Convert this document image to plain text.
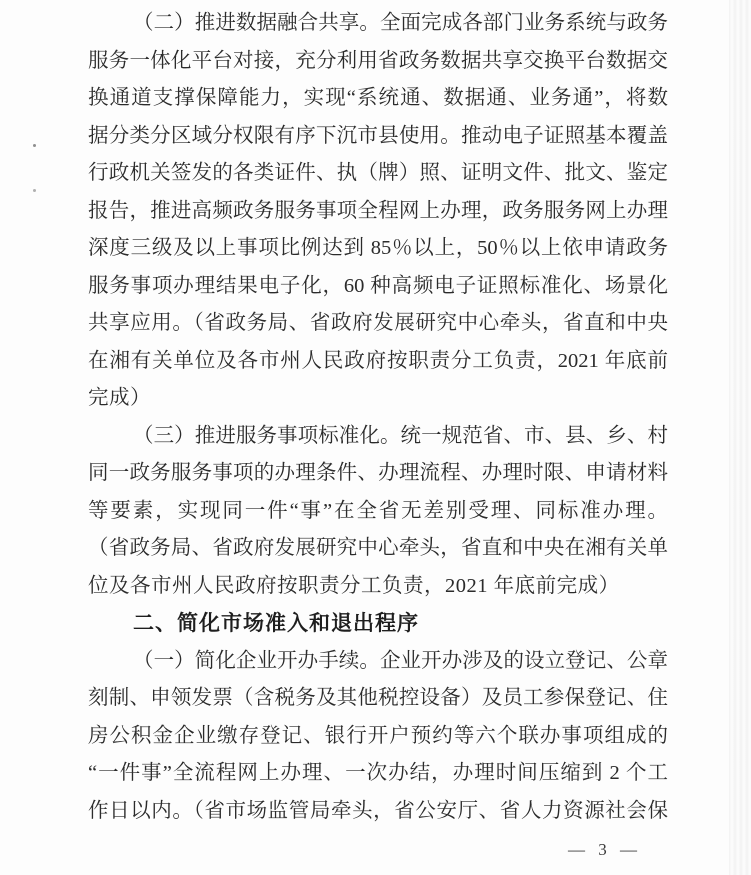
（二）推进数据融合共享。全面完成各部门业务系统与政务
服务一体化平台对接，充分利用省政务数据共享交换平台数据交
换通道支撑保障能力，实现“系统通、数据通、业务通”，将数
据分类分区域分权限有序下沉市县使用。推动电子证照基本覆盖
行政机关签发的各类证件、执（牌）照、证明文件、批文、鉴定
报告，推进高频政务服务事项全程网上办理，政务服务网上办理
深度三级及以上事项比例达到 85％以上，50％以上依申请政务
服务事项办理结果电子化，60 种高频电子证照标准化、场景化
共享应用。（省政务局、省政府发展研究中心牵头，省直和中央
在湘有关单位及各市州人民政府按职责分工负责，2021 年底前
完成）
（三）推进服务事项标准化。统一规范省、市、县、乡、村
同一政务服务事项的办理条件、办理流程、办理时限、申请材料
等要素，实现同一件“事”在全省无差别受理、同标准办理。
（省政务局、省政府发展研究中心牵头，省直和中央在湘有关单
位及各市州人民政府按职责分工负责，2021 年底前完成）
二、简化市场准入和退出程序
（一）简化企业开办手续。企业开办涉及的设立登记、公章
刻制、申领发票（含税务及其他税控设备）及员工参保登记、住
房公积金企业缴存登记、银行开户预约等六个联办事项组成的
“一件事”全流程网上办理、一次办结，办理时间压缩到 2 个工
作日以内。（省市场监管局牵头，省公安厅、省人力资源社会保
— 3 —
